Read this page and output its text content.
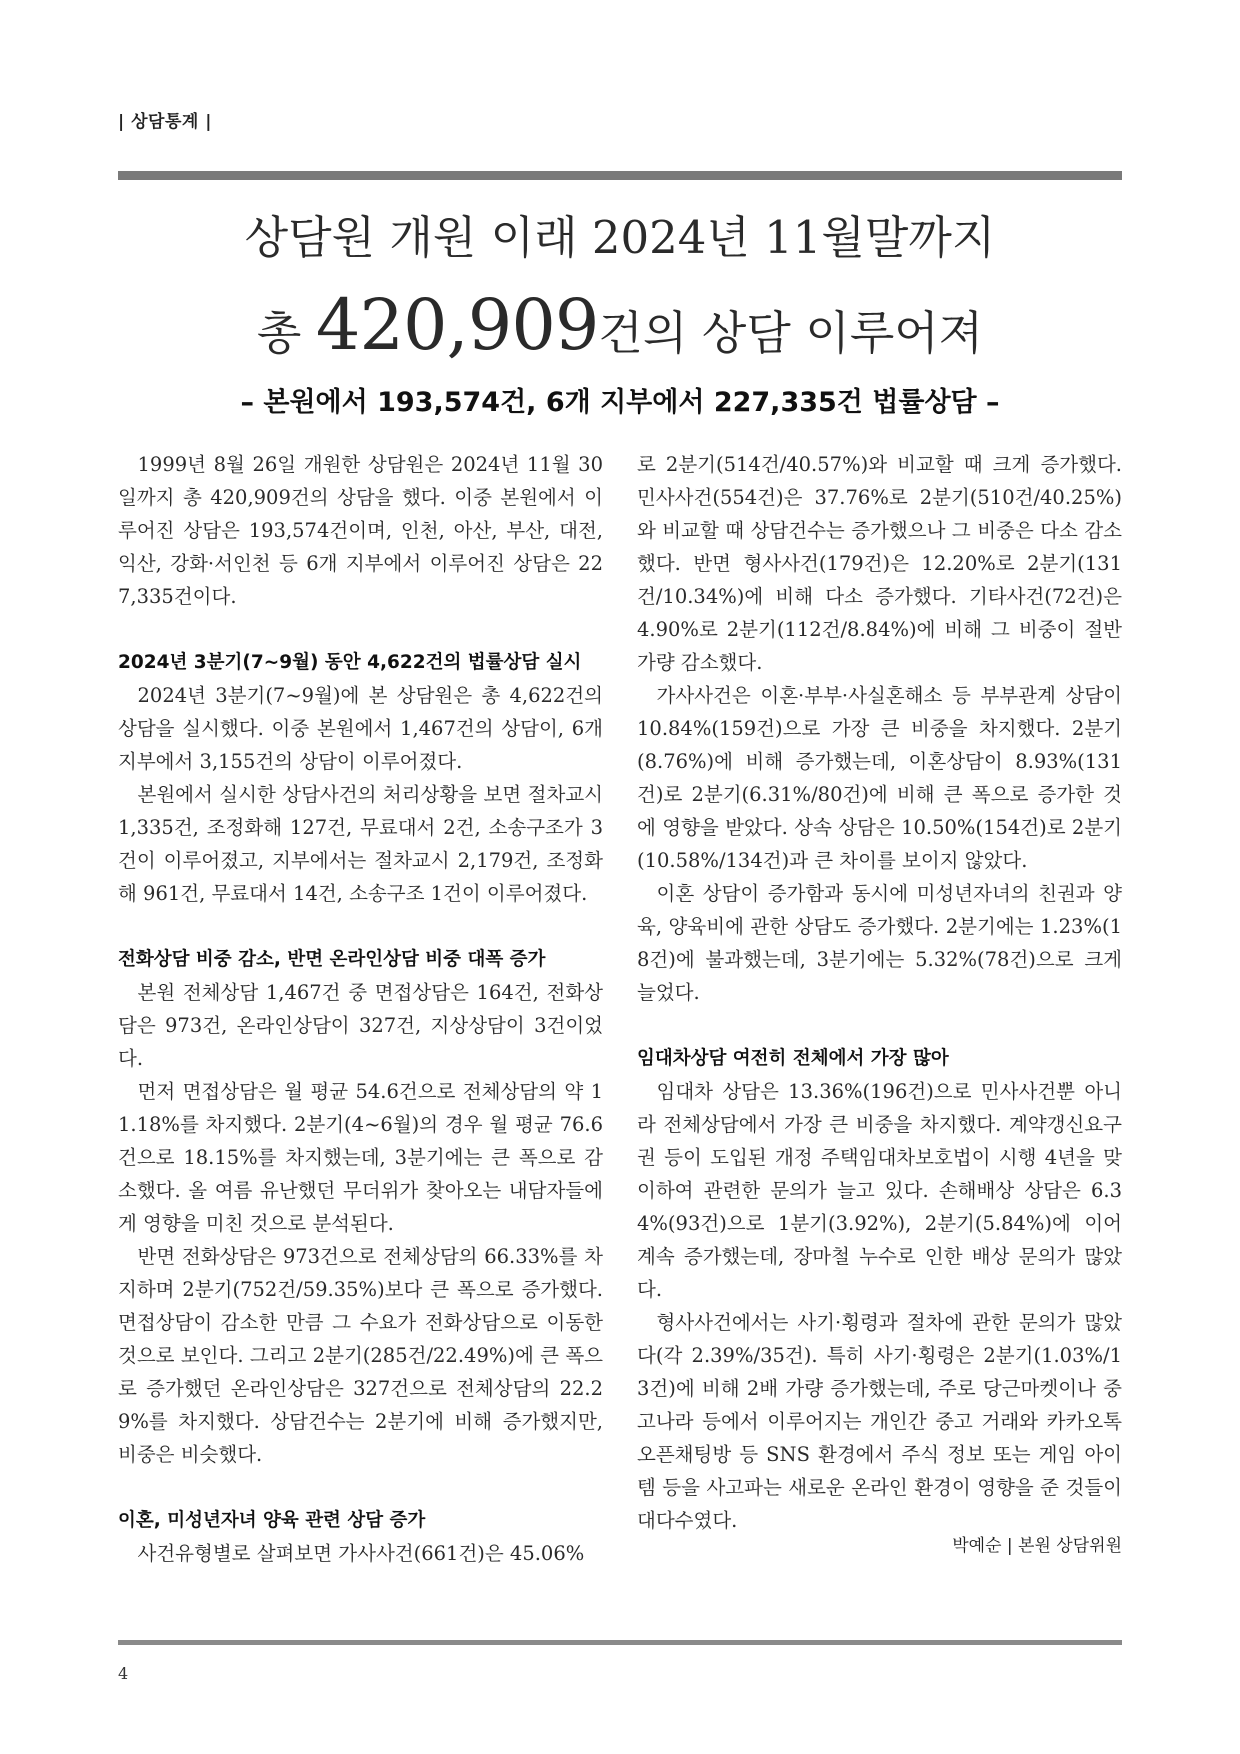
| 상담통계 |
상담원 개원 이래 2024년 11월말까지
총 420,909건의 상담 이루어져
– 본원에서 193,574건, 6개 지부에서 227,335건 법률상담 –

1999년 8월 26일 개원한 상담원은 2024년 11월 30일까지 총 420,909건의 상담을 했다. 이중 본원에서 이루어진 상담은 193,574건이며, 인천, 아산, 부산, 대전, 익산, 강화·서인천 등 6개 지부에서 이루어진 상담은 227,335건이다.

2024년 3분기(7~9월) 동안 4,622건의 법률상담 실시

2024년 3분기(7~9월)에 본 상담원은 총 4,622건의 상담을 실시했다. 이중 본원에서 1,467건의 상담이, 6개 지부에서 3,155건의 상담이 이루어졌다.

본원에서 실시한 상담사건의 처리상황을 보면 절차교시 1,335건, 조정화해 127건, 무료대서 2건, 소송구조가 3건이 이루어졌고, 지부에서는 절차교시 2,179건, 조정화해 961건, 무료대서 14건, 소송구조 1건이 이루어졌다.

전화상담 비중 감소, 반면 온라인상담 비중 대폭 증가

본원 전체상담 1,467건 중 면접상담은 164건, 전화상담은 973건, 온라인상담이 327건, 지상상담이 3건이었다.

먼저 면접상담은 월 평균 54.6건으로 전체상담의 약 11.18%를 차지했다. 2분기(4~6월)의 경우 월 평균 76.6건으로 18.15%를 차지했는데, 3분기에는 큰 폭으로 감소했다. 올 여름 유난했던 무더위가 찾아오는 내담자들에게 영향을 미친 것으로 분석된다.

반면 전화상담은 973건으로 전체상담의 66.33%를 차지하며 2분기(752건/59.35%)보다 큰 폭으로 증가했다. 면접상담이 감소한 만큼 그 수요가 전화상담으로 이동한 것으로 보인다. 그리고 2분기(285건/22.49%)에 큰 폭으로 증가했던 온라인상담은 327건으로 전체상담의 22.29%를 차지했다. 상담건수는 2분기에 비해 증가했지만, 비중은 비슷했다.

이혼, 미성년자녀 양육 관련 상담 증가

사건유형별로 살펴보면 가사사건(661건)은 45.06%

로 2분기(514건/40.57%)와 비교할 때 크게 증가했다. 민사사건(554건)은 37.76%로 2분기(510건/40.25%)와 비교할 때 상담건수는 증가했으나 그 비중은 다소 감소했다. 반면 형사사건(179건)은 12.20%로 2분기(131건/10.34%)에 비해 다소 증가했다. 기타사건(72건)은 4.90%로 2분기(112건/8.84%)에 비해 그 비중이 절반가량 감소했다.

가사사건은 이혼·부부·사실혼해소 등 부부관계 상담이 10.84%(159건)으로 가장 큰 비중을 차지했다. 2분기(8.76%)에 비해 증가했는데, 이혼상담이 8.93%(131건)로 2분기(6.31%/80건)에 비해 큰 폭으로 증가한 것에 영향을 받았다. 상속 상담은 10.50%(154건)로 2분기(10.58%/134건)과 큰 차이를 보이지 않았다.

이혼 상담이 증가함과 동시에 미성년자녀의 친권과 양육, 양육비에 관한 상담도 증가했다. 2분기에는 1.23%(18건)에 불과했는데, 3분기에는 5.32%(78건)으로 크게 늘었다.

임대차상담 여전히 전체에서 가장 많아

임대차 상담은 13.36%(196건)으로 민사사건뿐 아니라 전체상담에서 가장 큰 비중을 차지했다. 계약갱신요구권 등이 도입된 개정 주택임대차보호법이 시행 4년을 맞이하여 관련한 문의가 늘고 있다. 손해배상 상담은 6.34%(93건)으로 1분기(3.92%), 2분기(5.84%)에 이어 계속 증가했는데, 장마철 누수로 인한 배상 문의가 많았다.

형사사건에서는 사기·횡령과 절차에 관한 문의가 많았다(각 2.39%/35건). 특히 사기·횡령은 2분기(1.03%/13건)에 비해 2배 가량 증가했는데, 주로 당근마켓이나 중고나라 등에서 이루어지는 개인간 중고 거래와 카카오톡 오픈채팅방 등 SNS 환경에서 주식 정보 또는 게임 아이템 등을 사고파는 새로운 온라인 환경이 영향을 준 것들이 대다수였다.

박예순 | 본원 상담위원
4
